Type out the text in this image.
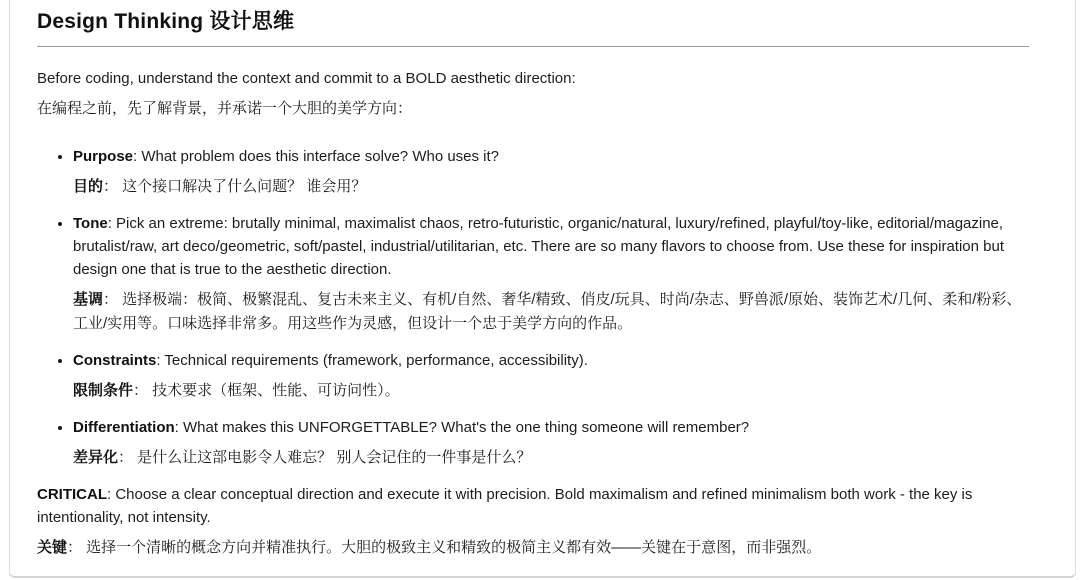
Design Thinking 设计思维

Before coding, understand the context and commit to a BOLD aesthetic direction:

在编程之前，先了解背景，并承诺一个大胆的美学方向：

• Purpose: What problem does this interface solve? Who uses it?

目的： 这个接口解决了什么问题？ 谁会用？

• Tone: Pick an extreme: brutally minimal, maximalist chaos, retro-futuristic, organic/natural, luxury/refined, playful/toy-like, editorial/magazine, brutalist/raw, art deco/geometric, soft/pastel, industrial/utilitarian, etc. There are so many flavors to choose from. Use these for inspiration but design one that is true to the aesthetic direction.

基调： 选择极端：极简、极繁混乱、复古未来主义、有机/自然、奢华/精致、俏皮/玩具、时尚/杂志、野兽派/原始、装饰艺术/几何、柔和/粉彩、工业/实用等。口味选择非常多。用这些作为灵感，但设计一个忠于美学方向的作品。

• Constraints: Technical requirements (framework, performance, accessibility).

限制条件： 技术要求（框架、性能、可访问性）。

• Differentiation: What makes this UNFORGETTABLE? What's the one thing someone will remember?

差异化： 是什么让这部电影令人难忘？ 别人会记住的一件事是什么？

CRITICAL: Choose a clear conceptual direction and execute it with precision. Bold maximalism and refined minimalism both work - the key is intentionality, not intensity.

关键： 选择一个清晰的概念方向并精准执行。大胆的极致主义和精致的极简主义都有效——关键在于意图，而非强烈。
